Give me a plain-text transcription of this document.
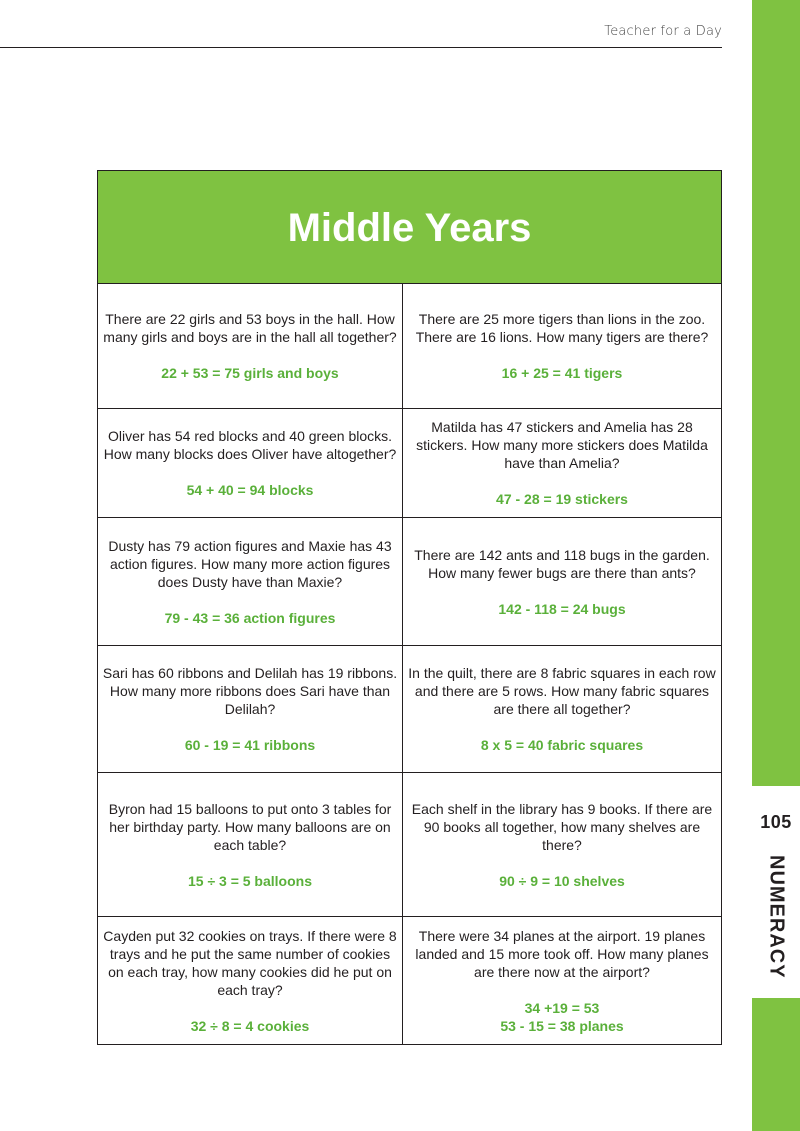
Teacher for a Day
105
NUMERACY
Middle Years
There are 22 girls and 53 boys in the hall. How many girls and boys are in the hall all together?
22 + 53 = 75 girls and boys
There are 25 more tigers than lions in the zoo. There are 16 lions. How many tigers are there?
16 + 25 = 41 tigers
Oliver has 54 red blocks and 40 green blocks. How many blocks does Oliver have altogether?
54 + 40 = 94 blocks
Matilda has 47 stickers and Amelia has 28 stickers. How many more stickers does Matilda have than Amelia?
47 - 28 = 19 stickers
Dusty has 79 action figures and Maxie has 43 action figures. How many more action figures does Dusty have than Maxie?
79 - 43 = 36 action figures
There are 142 ants and 118 bugs in the garden. How many fewer bugs are there than ants?
142 - 118 = 24 bugs
Sari has 60 ribbons and Delilah has 19 ribbons. How many more ribbons does Sari have than Delilah?
60 - 19 = 41 ribbons
In the quilt, there are 8 fabric squares in each row and there are 5 rows. How many fabric squares are there all together?
8 x 5 = 40 fabric squares
Byron had 15 balloons to put onto 3 tables for her birthday party. How many balloons are on each table?
15 ÷ 3 = 5 balloons
Each shelf in the library has 9 books. If there are 90 books all together, how many shelves are there?
90 ÷ 9 = 10 shelves
Cayden put 32 cookies on trays. If there were 8 trays and he put the same number of cookies on each tray, how many cookies did he put on each tray?
32 ÷ 8 = 4 cookies
There were 34 planes at the airport. 19 planes landed and 15 more took off. How many planes are there now at the airport?
34 +19 = 53
53 - 15 = 38 planes
